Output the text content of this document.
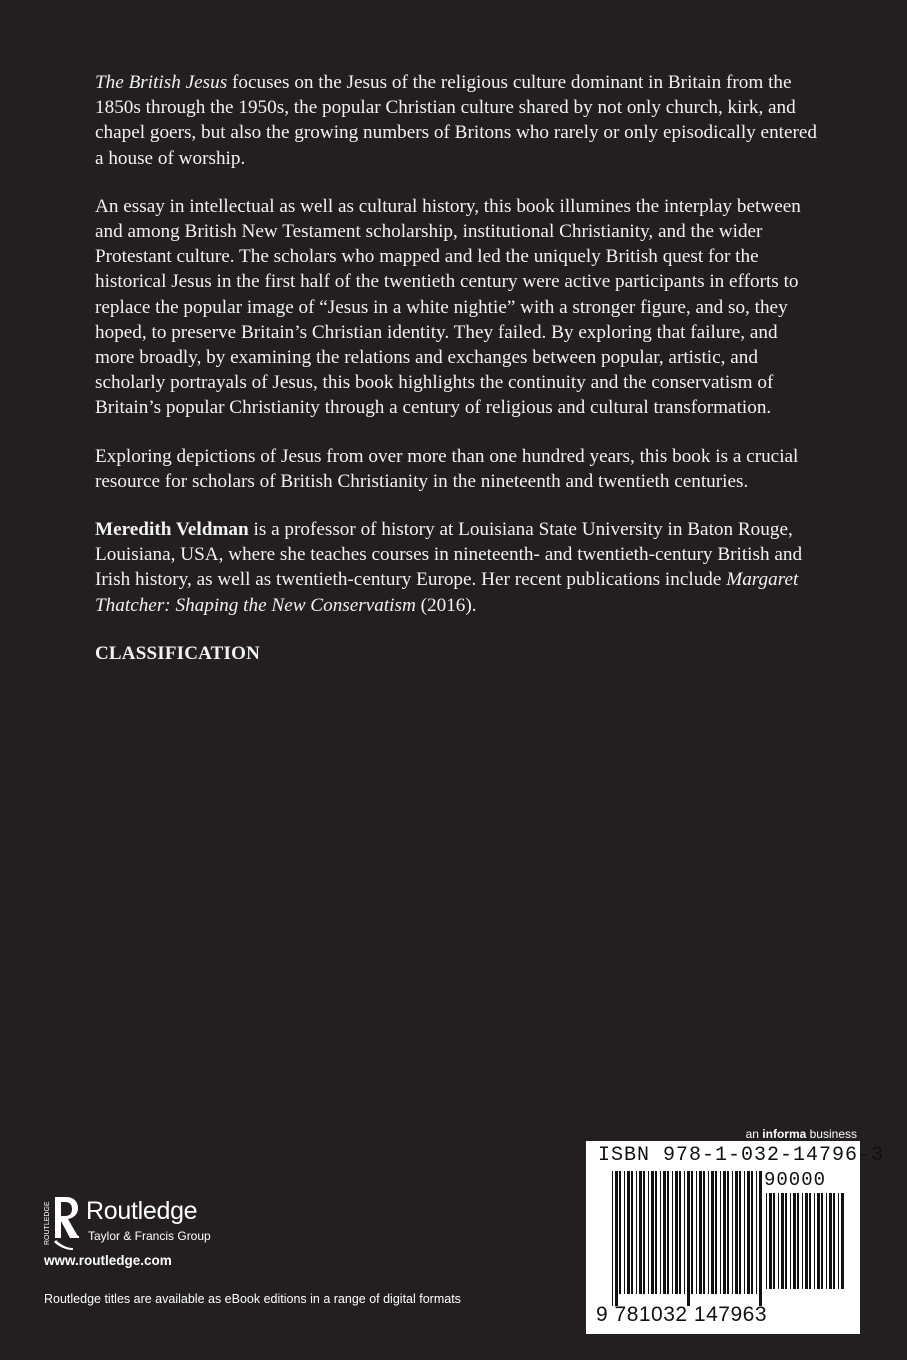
The British Jesus focuses on the Jesus of the religious culture dominant in Britain from the 1850s through the 1950s, the popular Christian culture shared by not only church, kirk, and chapel goers, but also the growing numbers of Britons who rarely or only episodically entered a house of worship.

An essay in intellectual as well as cultural history, this book illumines the interplay between and among British New Testament scholarship, institutional Christianity, and the wider Protestant culture. The scholars who mapped and led the uniquely British quest for the historical Jesus in the first half of the twentieth century were active participants in efforts to replace the popular image of “Jesus in a white nightie” with a stronger figure, and so, they hoped, to preserve Britain’s Christian identity. They failed. By exploring that failure, and more broadly, by examining the relations and exchanges between popular, artistic, and scholarly portrayals of Jesus, this book highlights the continuity and the conservatism of Britain’s popular Christianity through a century of religious and cultural transformation.

Exploring depictions of Jesus from over more than one hundred years, this book is a crucial resource for scholars of British Christianity in the nineteenth and twentieth centuries.

Meredith Veldman is a professor of history at Louisiana State University in Baton Rouge, Louisiana, USA, where she teaches courses in nineteenth- and twentieth-century British and Irish history, as well as twentieth-century Europe. Her recent publications include Margaret Thatcher: Shaping the New Conservatism (2016).

CLASSIFICATION
an informa business
ROUTLEDGE Routledge
Taylor & Francis Group
www.routledge.com
Routledge titles are available as eBook editions in a range of digital formats
ISBN 978-1-032-14796-3
90000
9 781032 147963
